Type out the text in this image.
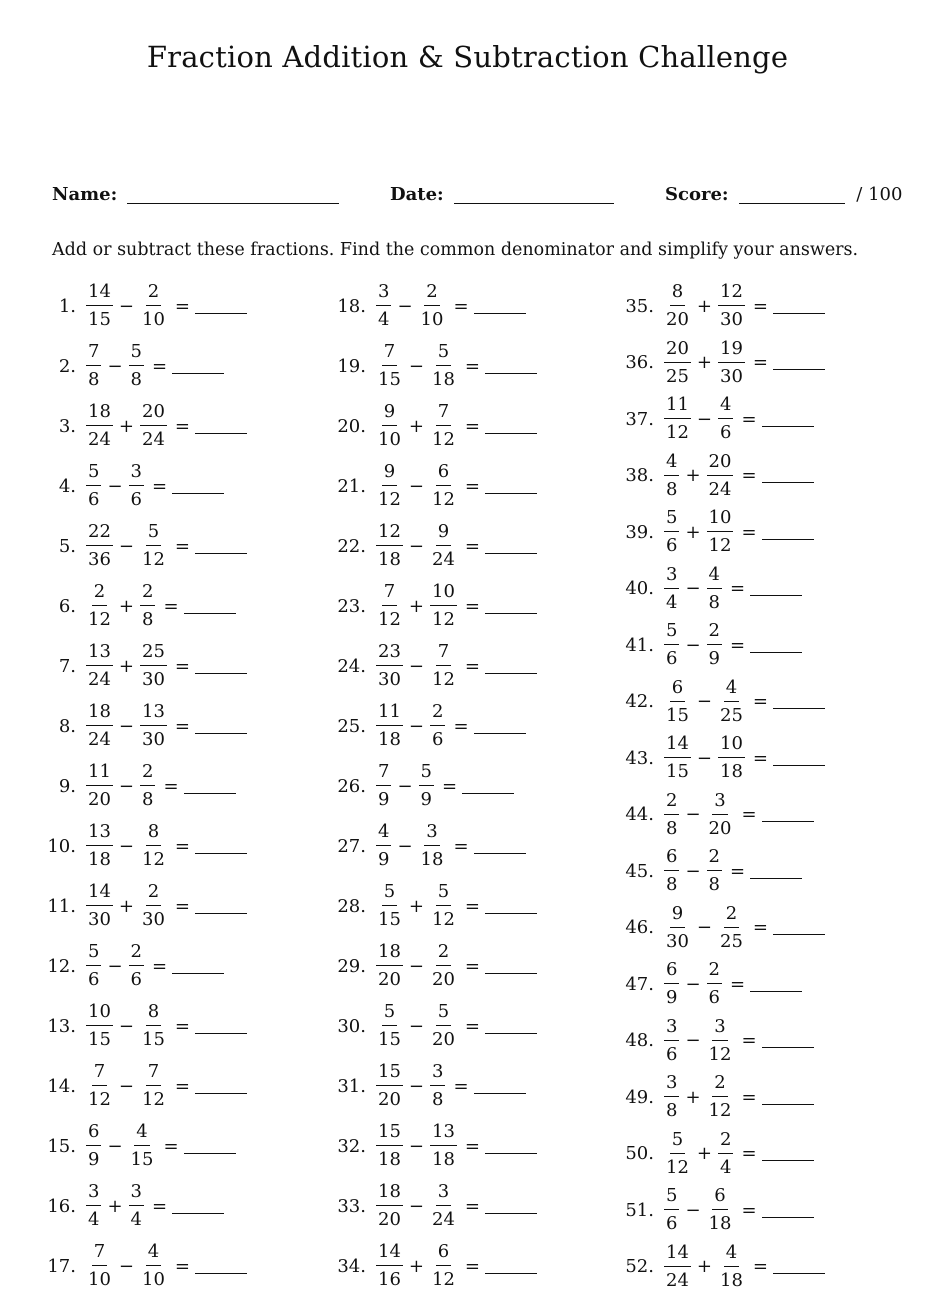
Fraction Addition & Subtraction Challenge
Name:	Date:	Score:	/ 100
Add or subtract these fractions. Find the common denominator and simplify your answers.
1. $\frac{14}{15} - \frac{2}{10}$ =
2. $\frac{7}{8} - \frac{5}{8}$ =
3. $\frac{18}{24} + \frac{20}{24}$ =
4. $\frac{5}{6} - \frac{3}{6}$ =
5. $\frac{22}{36} - \frac{5}{12}$ =
6. $\frac{2}{12} + \frac{2}{8}$ =
7. $\frac{13}{24} + \frac{25}{30}$ =
8. $\frac{18}{24} - \frac{13}{30}$ =
9. $\frac{11}{20} - \frac{2}{8}$ =
10. $\frac{13}{18} - \frac{8}{12}$ =
11. $\frac{14}{30} + \frac{2}{30}$ =
12. $\frac{5}{6} - \frac{2}{6}$ =
13. $\frac{10}{15} - \frac{8}{15}$ =
14. $\frac{7}{12} - \frac{7}{12}$ =
15. $\frac{6}{9} - \frac{4}{15}$ =
16. $\frac{3}{4} + \frac{3}{4}$ =
17. $\frac{7}{10} - \frac{4}{10}$ =
18. $\frac{3}{4} - \frac{2}{10}$ =
19. $\frac{7}{15} - \frac{5}{18}$ =
20. $\frac{9}{10} + \frac{7}{12}$ =
21. $\frac{9}{12} - \frac{6}{12}$ =
22. $\frac{12}{18} - \frac{9}{24}$ =
23. $\frac{7}{12} + \frac{10}{12}$ =
24. $\frac{23}{30} - \frac{7}{12}$ =
25. $\frac{11}{18} - \frac{2}{6}$ =
26. $\frac{7}{9} - \frac{5}{9}$ =
27. $\frac{4}{9} - \frac{3}{18}$ =
28. $\frac{5}{15} + \frac{5}{12}$ =
29. $\frac{18}{20} - \frac{2}{20}$ =
30. $\frac{5}{15} - \frac{5}{20}$ =
31. $\frac{15}{20} - \frac{3}{8}$ =
32. $\frac{15}{18} - \frac{13}{18}$ =
33. $\frac{18}{20} - \frac{3}{24}$ =
34. $\frac{14}{16} + \frac{6}{12}$ =
35. $\frac{8}{20} + \frac{12}{30}$ =
36. $\frac{20}{25} + \frac{19}{30}$ =
37. $\frac{11}{12} - \frac{4}{6}$ =
38. $\frac{4}{8} + \frac{20}{24}$ =
39. $\frac{5}{6} + \frac{10}{12}$ =
40. $\frac{3}{4} - \frac{4}{8}$ =
41. $\frac{5}{6} - \frac{2}{9}$ =
42. $\frac{6}{15} - \frac{4}{25}$ =
43. $\frac{14}{15} - \frac{10}{18}$ =
44. $\frac{2}{8} - \frac{3}{20}$ =
45. $\frac{6}{8} - \frac{2}{8}$ =
46. $\frac{9}{30} - \frac{2}{25}$ =
47. $\frac{6}{9} - \frac{2}{6}$ =
48. $\frac{3}{6} - \frac{3}{12}$ =
49. $\frac{3}{8} + \frac{2}{12}$ =
50. $\frac{5}{12} + \frac{2}{4}$ =
51. $\frac{5}{6} - \frac{6}{18}$ =
52. $\frac{14}{24} + \frac{4}{18}$ =
